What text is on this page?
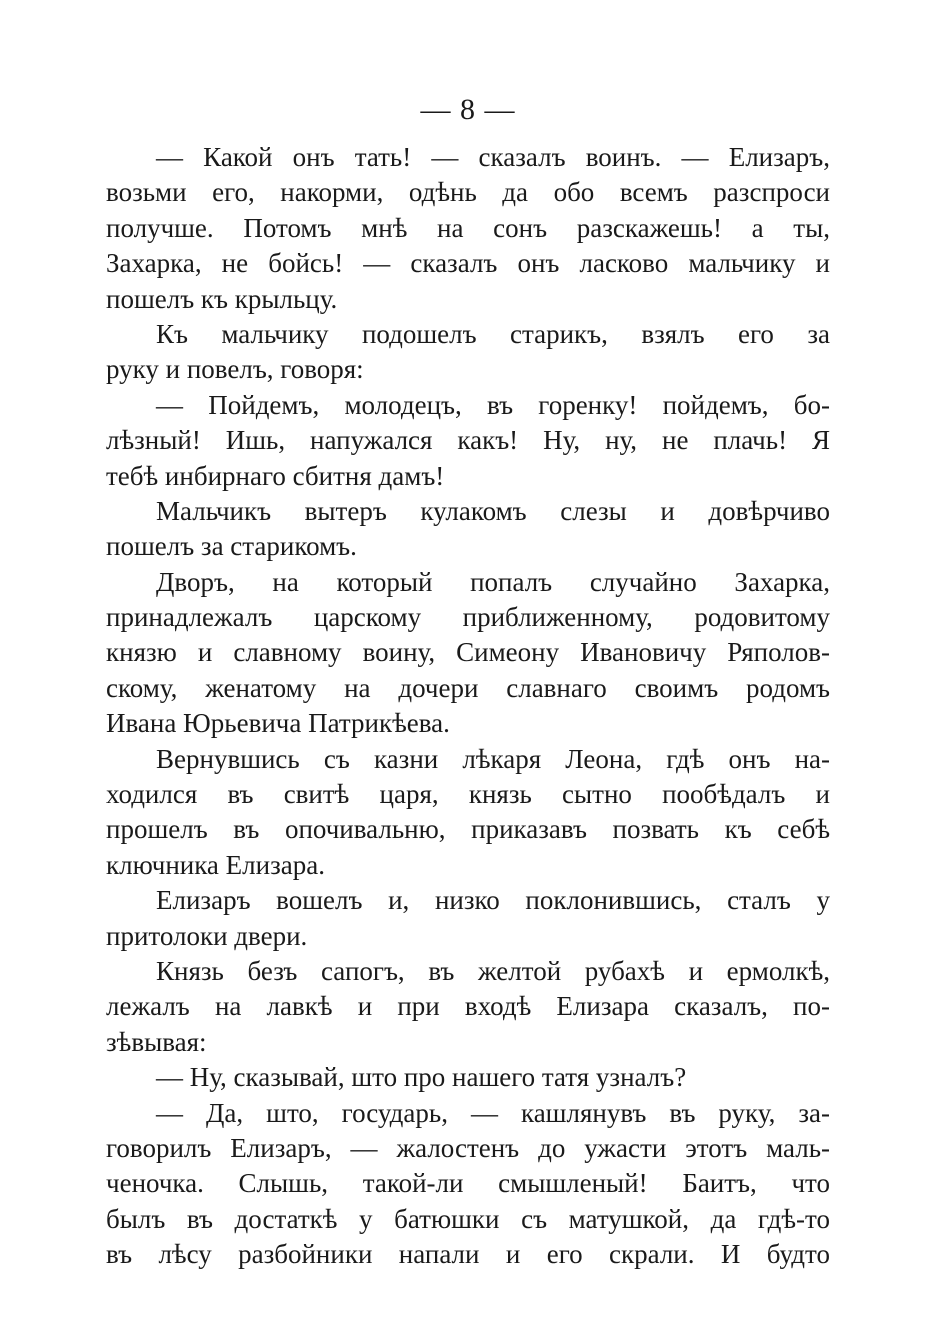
— 8 —
— Какой онъ тать! — сказалъ воинъ. — Елизаръ,
возьми его, накорми, одѣнь да обо всемъ разспроси
получше. Потомъ мнѣ на сонъ разскажешь! а ты,
Захарка, не бойсь! — сказалъ онъ ласково мальчику и
пошелъ къ крыльцу.
Къ мальчику подошелъ старикъ, взялъ его за
руку и повелъ, говоря:
— Пойдемъ, молодецъ, въ горенку! пойдемъ, бо-
лѣзный! Ишь, напужался какъ! Ну, ну, не плачь! Я
тебѣ инбирнаго сбитня дамъ!
Мальчикъ вытеръ кулакомъ слезы и довѣрчиво
пошелъ за старикомъ.
Дворъ, на который попалъ случайно Захарка,
принадлежалъ царскому приближенному, родовитому
князю и славному воину, Симеону Ивановичу Ряполов-
скому, женатому на дочери славнаго своимъ родомъ
Ивана Юрьевича Патрикѣева.
Вернувшись съ казни лѣкаря Леона, гдѣ онъ на-
ходился въ свитѣ царя, князь сытно пообѣдалъ и
прошелъ въ опочивальню, приказавъ позвать къ себѣ
ключника Елизара.
Елизаръ вошелъ и, низко поклонившись, сталъ у
притолоки двери.
Князь безъ сапогъ, въ желтой рубахѣ и ермолкѣ,
лежалъ на лавкѣ и при входѣ Елизара сказалъ, по-
зѣвывая:
— Ну, сказывай, што про нашего татя узналъ?
— Да, што, государь, — кашлянувъ въ руку, за-
говорилъ Елизаръ, — жалостенъ до ужасти этотъ маль-
ченочка. Слышь, такой-ли смышленый! Баитъ, что
былъ въ достаткѣ у батюшки съ матушкой, да гдѣ-то
въ лѣсу разбойники напали и его скрали. И будто
